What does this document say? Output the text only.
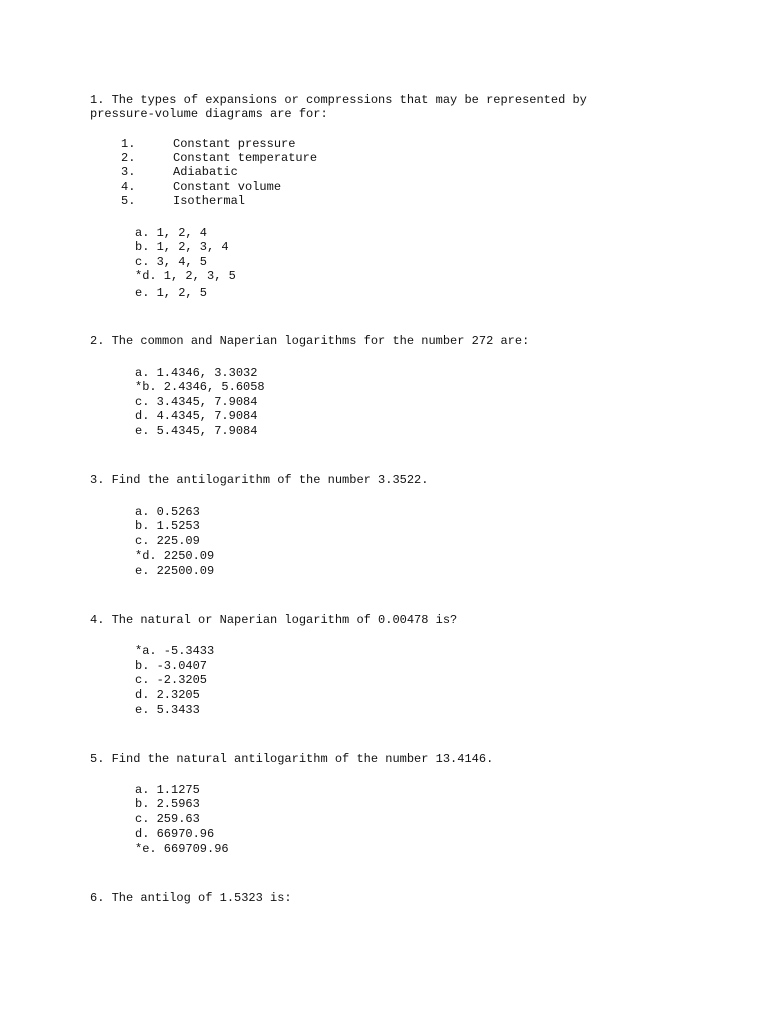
1. The types of expansions or compressions that may be represented by

pressure-volume diagrams are for:

1.	Constant pressure

2.	Constant temperature

3.	Adiabatic

4.	Constant volume

5.	Isothermal

a. 1, 2, 4

b. 1, 2, 3, 4

c. 3, 4, 5

*d. 1, 2, 3, 5

e. 1, 2, 5

2. The common and Naperian logarithms for the number 272 are:

a. 1.4346, 3.3032

*b. 2.4346, 5.6058

c. 3.4345, 7.9084

d. 4.4345, 7.9084

e. 5.4345, 7.9084

3. Find the antilogarithm of the number 3.3522.

a. 0.5263

b. 1.5253

c. 225.09

*d. 2250.09

e. 22500.09

4. The natural or Naperian logarithm of 0.00478 is?

*a. -5.3433

b. -3.0407

c. -2.3205

d. 2.3205

e. 5.3433

5. Find the natural antilogarithm of the number 13.4146.

a. 1.1275

b. 2.5963

c. 259.63

d. 66970.96

*e. 669709.96

6. The antilog of 1.5323 is:
